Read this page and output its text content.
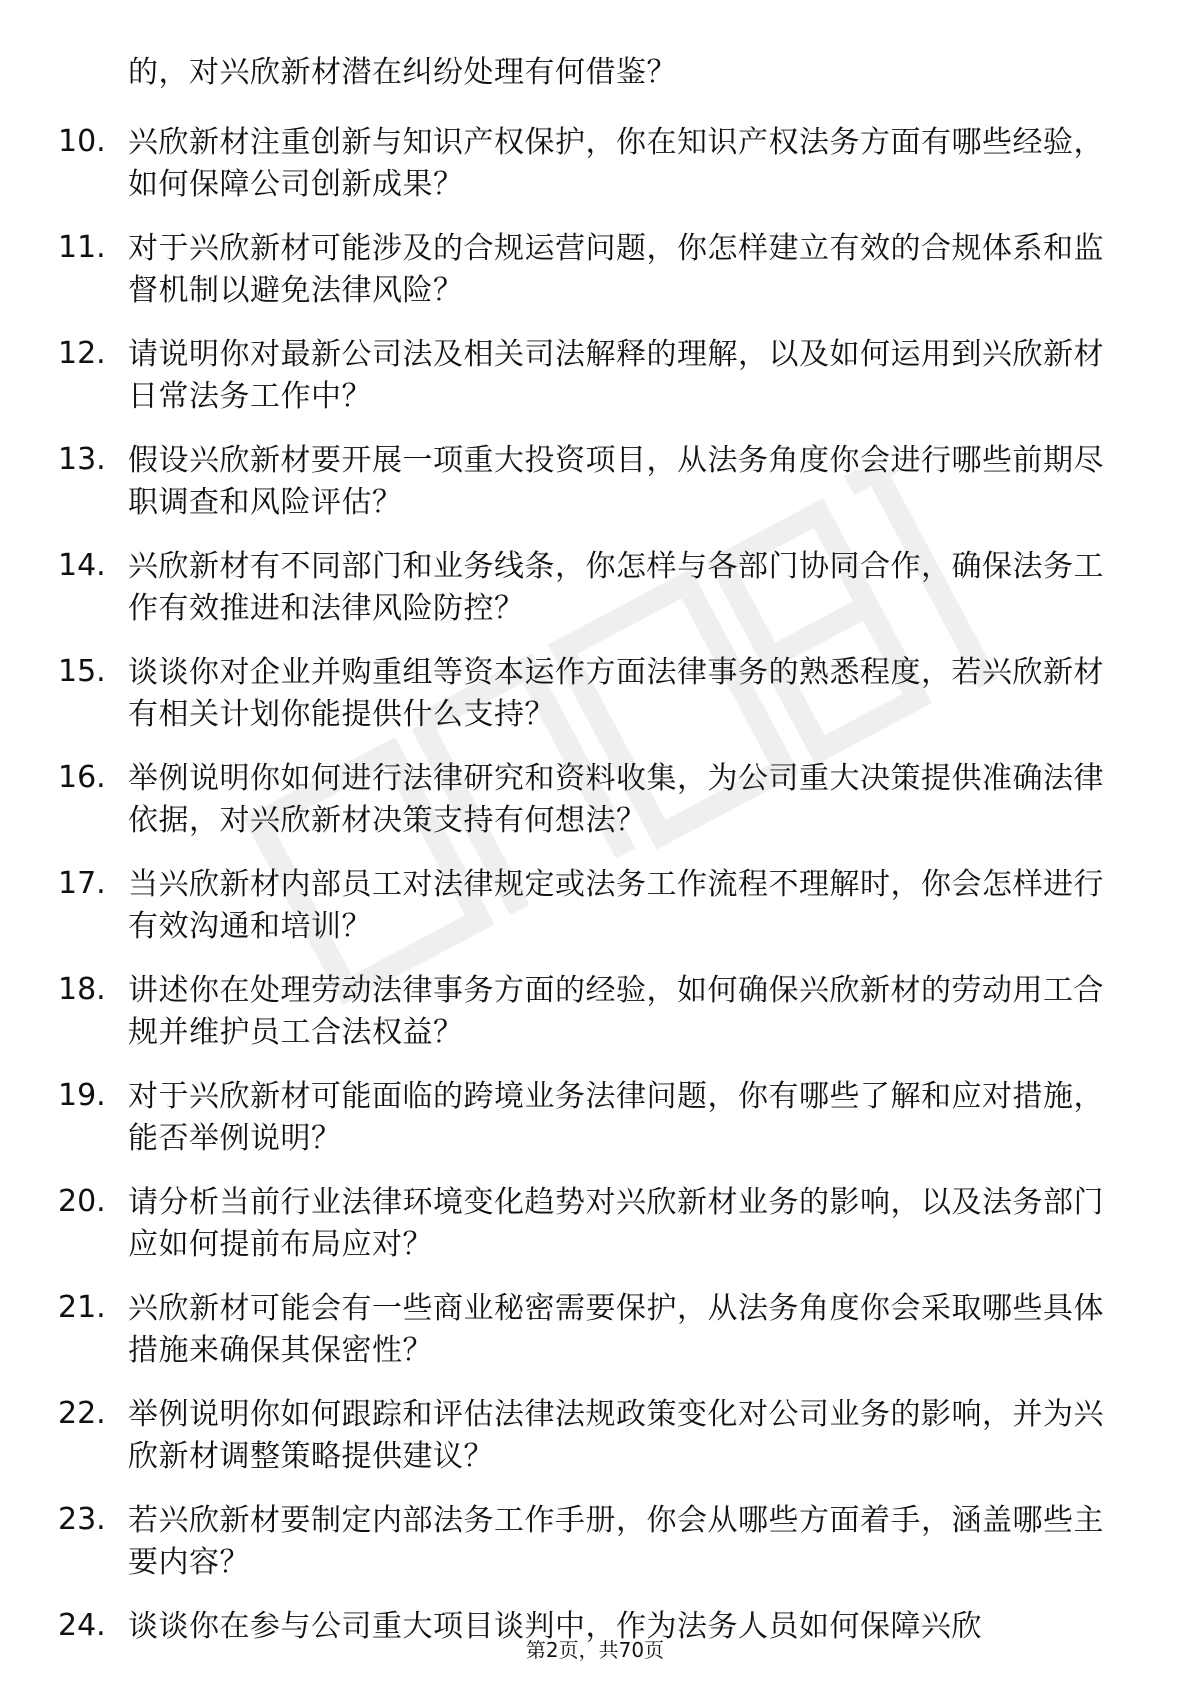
的，对兴欣新材潜在纠纷处理有何借鉴？
10. 兴欣新材注重创新与知识产权保护，你在知识产权法务方面有哪些经验，如何保障公司创新成果？
11. 对于兴欣新材可能涉及的合规运营问题，你怎样建立有效的合规体系和监督机制以避免法律风险？
12. 请说明你对最新公司法及相关司法解释的理解，以及如何运用到兴欣新材日常法务工作中？
13. 假设兴欣新材要开展一项重大投资项目，从法务角度你会进行哪些前期尽职调查和风险评估？
14. 兴欣新材有不同部门和业务线条，你怎样与各部门协同合作，确保法务工作有效推进和法律风险防控？
15. 谈谈你对企业并购重组等资本运作方面法律事务的熟悉程度，若兴欣新材有相关计划你能提供什么支持？
16. 举例说明你如何进行法律研究和资料收集，为公司重大决策提供准确法律依据，对兴欣新材决策支持有何想法？
17. 当兴欣新材内部员工对法律规定或法务工作流程不理解时，你会怎样进行有效沟通和培训？
18. 讲述你在处理劳动法律事务方面的经验，如何确保兴欣新材的劳动用工合规并维护员工合法权益？
19. 对于兴欣新材可能面临的跨境业务法律问题，你有哪些了解和应对措施，能否举例说明？
20. 请分析当前行业法律环境变化趋势对兴欣新材业务的影响，以及法务部门应如何提前布局应对？
21. 兴欣新材可能会有一些商业秘密需要保护，从法务角度你会采取哪些具体措施来确保其保密性？
22. 举例说明你如何跟踪和评估法律法规政策变化对公司业务的影响，并为兴欣新材调整策略提供建议？
23. 若兴欣新材要制定内部法务工作手册，你会从哪些方面着手，涵盖哪些主要内容？
24. 谈谈你在参与公司重大项目谈判中，作为法务人员如何保障兴欣
第2页，共70页
